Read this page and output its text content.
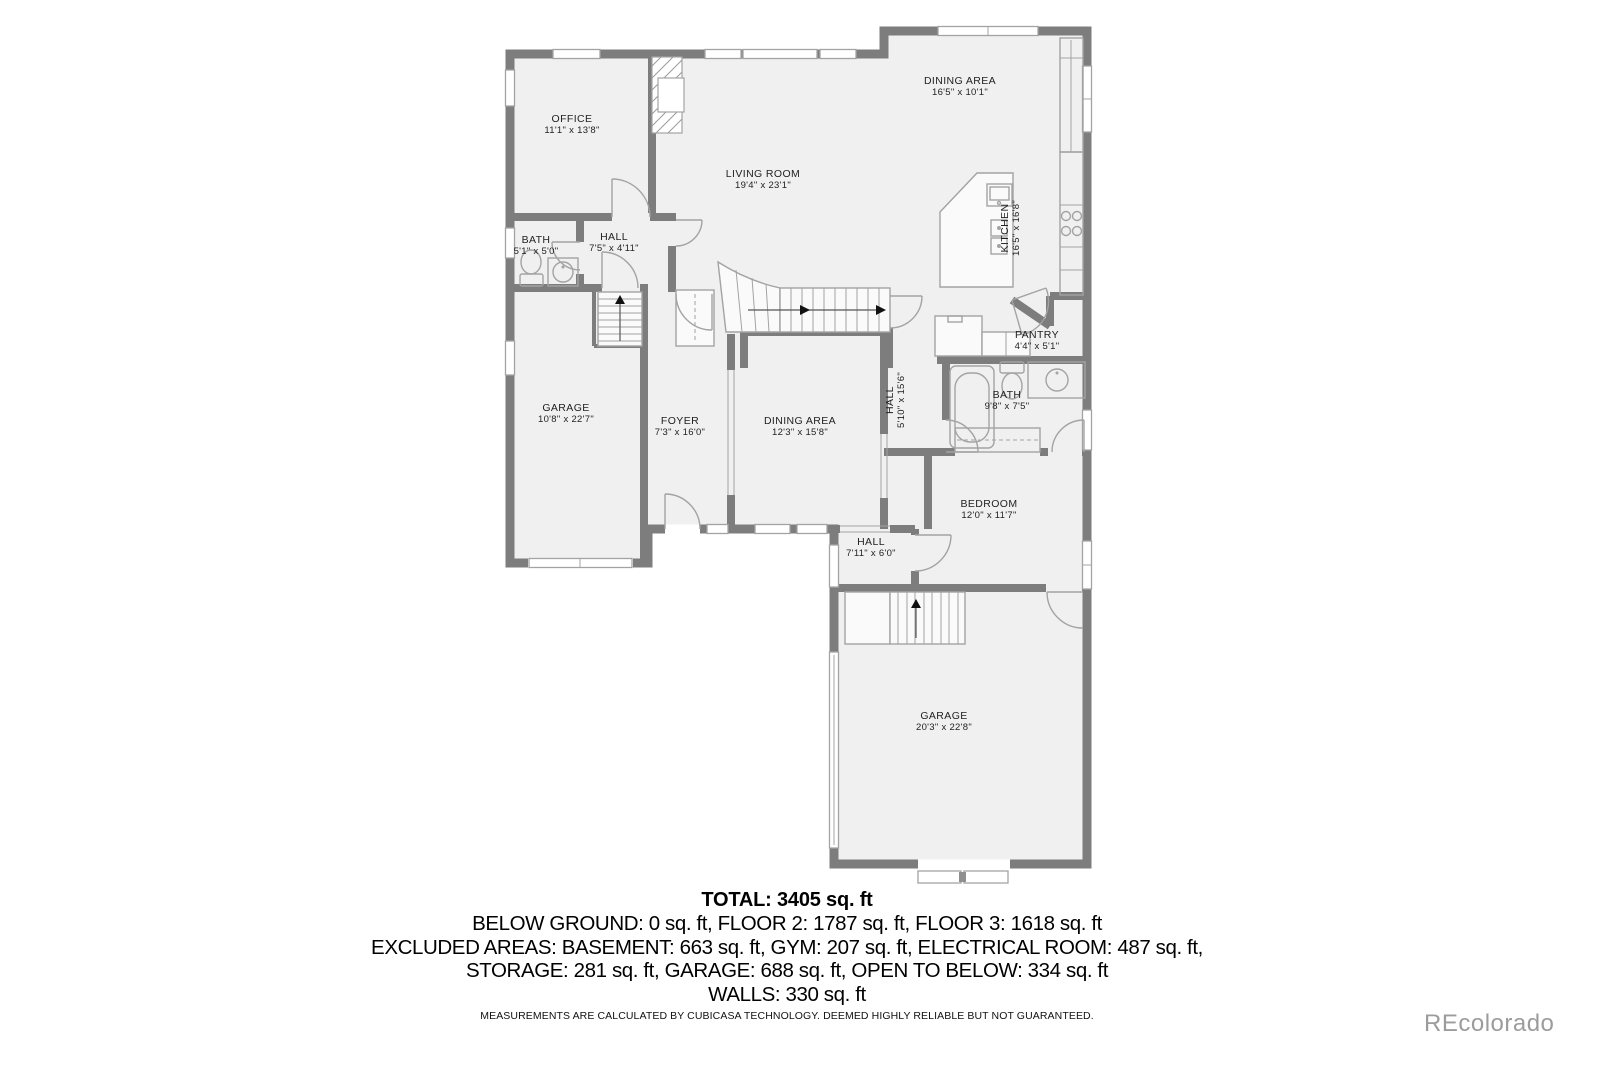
OFFICE
11'1" x 13'8"
BATH
5'1" x 5'0"
HALL
7'5" x 4'11"
LIVING ROOM
19'4" x 23'1"
DINING AREA
16'5" x 10'1"
KITCHEN 16'5" x 16'8"
PANTRY
4'4" x 5'1"
HALL 5'10" x 15'6"	BATH
9'8" x 7'5"
GARAGE
10'8" x 22'7"	FOYER
7'3" x 16'0"
DINING AREA
12'3" x 15'8"
BEDROOM
12'0" x 11'7"
HALL
7'11" x 6'0"
GARAGE
20'3" x 22'8"
TOTAL: 3405 sq. ft
BELOW GROUND: 0 sq. ft, FLOOR 2: 1787 sq. ft, FLOOR 3: 1618 sq. ft
EXCLUDED AREAS: BASEMENT: 663 sq. ft, GYM: 207 sq. ft, ELECTRICAL ROOM: 487 sq. ft,
STORAGE: 281 sq. ft, GARAGE: 688 sq. ft, OPEN TO BELOW: 334 sq. ft
WALLS: 330 sq. ft
MEASUREMENTS ARE CALCULATED BY CUBICASA TECHNOLOGY. DEEMED HIGHLY RELIABLE BUT NOT GUARANTEED.	REcolorado
